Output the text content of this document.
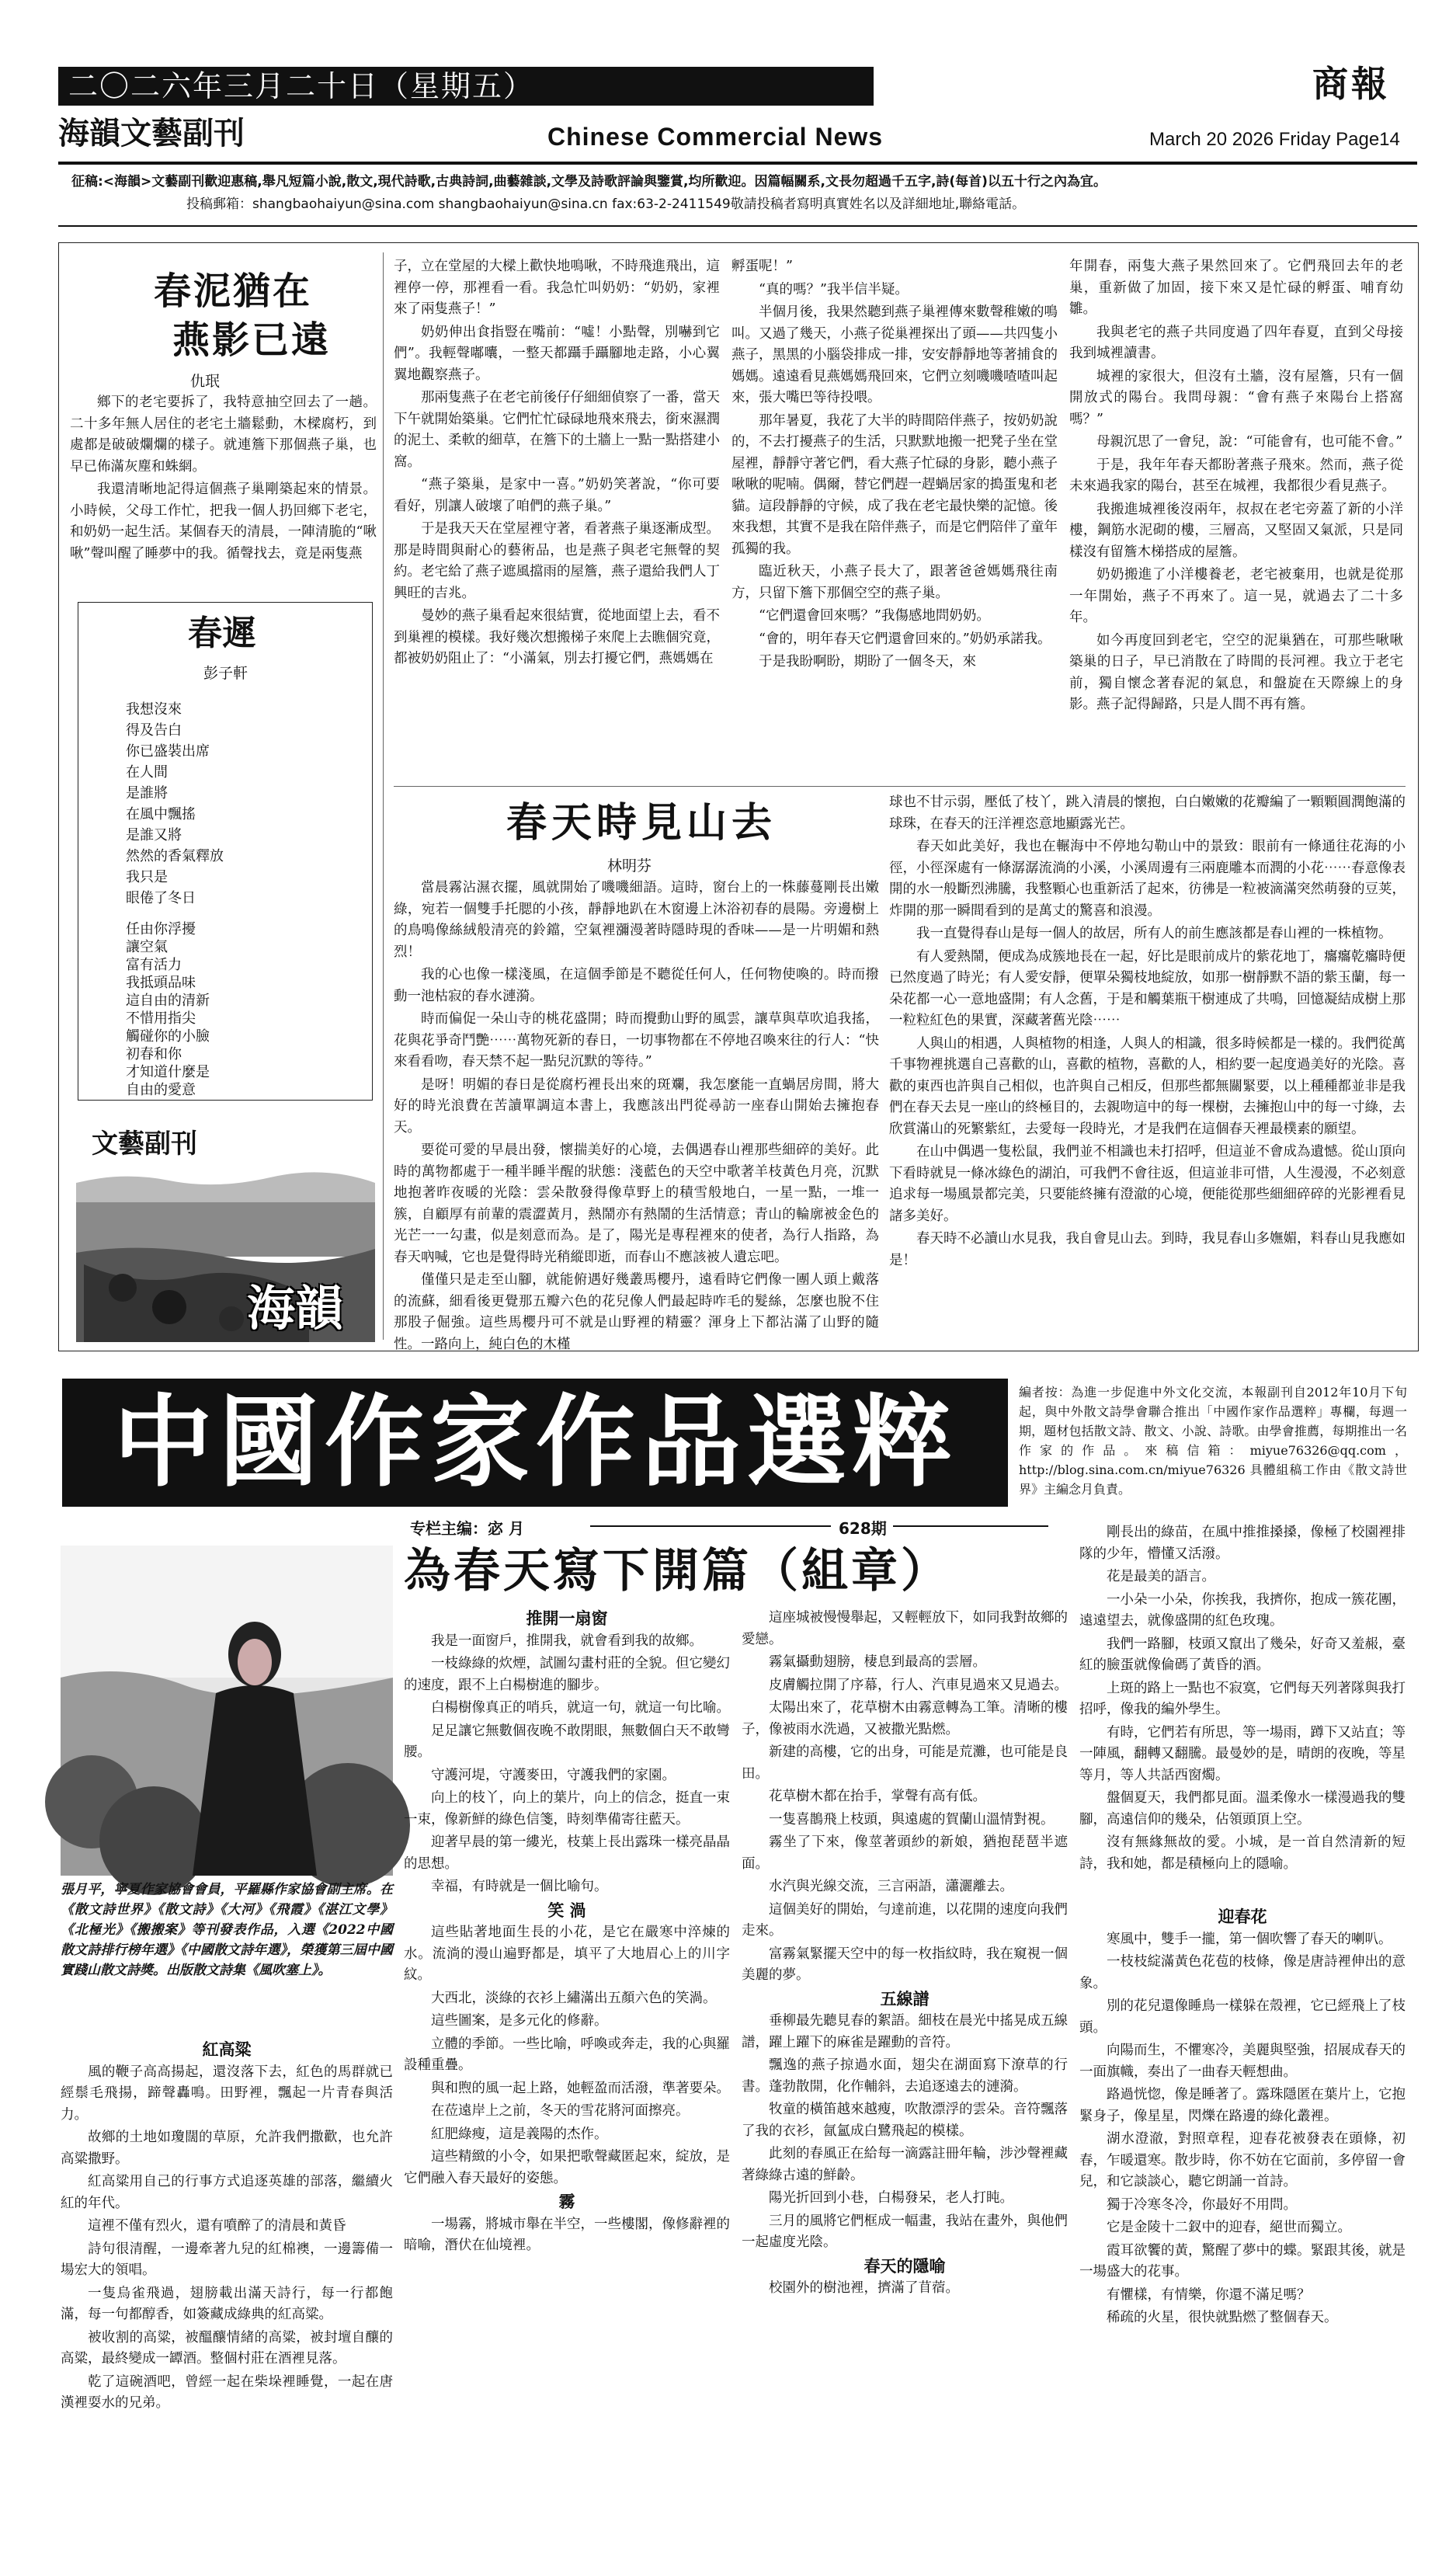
二〇二六年三月二十日（星期五）	商報
海韻文藝副刊	Chinese Commercial News	March 20 2026 Friday Page14
征稿:<海韻>文藝副刊歡迎惠稿,舉凡短篇小說,散文,現代詩歌,古典詩詞,曲藝雜談,文學及詩歌評論與鑒賞,均所歡迎。因篇幅關系,文長勿超過千五字,詩(每首)以五十行之內為宜。
投稿郵箱：shangbaohaiyun@sina.com shangbaohaiyun@sina.cn fax:63-2-2411549敬請投稿者寫明真實姓名以及詳細地址,聯絡電話。
春泥猶在
燕影已遠
仇珉

鄉下的老宅要拆了，我特意抽空回去了一趟。二十多年無人居住的老宅土牆鬆動，木樑腐朽，到處都是破破爛爛的樣子。就連簷下那個燕子巢，也早已佈滿灰塵和蛛網。

我還清晰地記得這個燕子巢剛築起來的情景。小時候，父母工作忙，把我一個人扔回鄉下老宅，和奶奶一起生活。某個春天的清晨，一陣清脆的“啾啾”聲叫醒了睡夢中的我。循聲找去，竟是兩隻燕

春遲
彭子軒
我想沒來
得及告白
你已盛裝出席
在人間
是誰將
在風中飄搖
是誰又將
然然的香氣釋放
我只是
眼倦了冬日
任由你浮擾
讓空氣
富有活力
我抵頭品味
這自由的清新
不惜用指尖
觸碰你的小臉
初春和你
才知道什麼是
自由的愛意
文藝副刊
海韻

子，立在堂屋的大樑上歡快地鳴啾，不時飛進飛出，這裡停一停，那裡看一看。我急忙叫奶奶：“奶奶，家裡來了兩隻燕子！”

奶奶伸出食指豎在嘴前：“噓！小點聲，別嚇到它們”。我輕聲嘟囔，一整天都躡手躡腳地走路，小心翼翼地觀察燕子。

那兩隻燕子在老宅前後仔仔細細偵察了一番，當天下午就開始築巢。它們忙忙碌碌地飛來飛去，銜來濕潤的泥土、柔軟的細草，在簷下的土牆上一點一點搭建小窩。

“燕子築巢，是家中一喜。”奶奶笑著說，“你可要看好，別讓人破壞了咱們的燕子巢。”

于是我天天在堂屋裡守著，看著燕子巢逐漸成型。那是時間與耐心的藝術品，也是燕子與老宅無聲的契約。老宅給了燕子遮風擋雨的屋簷，燕子還給我們人丁興旺的吉兆。

曼妙的燕子巢看起來很結實，從地面望上去，看不到巢裡的模樣。我好幾次想搬梯子來爬上去瞧個究竟，都被奶奶阻止了：“小滿氣，別去打擾它們，燕媽媽在

孵蛋呢！”

“真的嗎？”我半信半疑。

半個月後，我果然聽到燕子巢裡傳來數聲稚嫩的鳴叫。又過了幾天，小燕子從巢裡探出了頭——共四隻小燕子，黑黑的小腦袋排成一排，安安靜靜地等著捕食的媽媽。遠遠看見燕媽媽飛回來，它們立刻嘰嘰喳喳叫起來，張大嘴巴等待投喂。

那年暑夏，我花了大半的時間陪伴燕子，按奶奶說的，不去打擾燕子的生活，只默默地搬一把凳子坐在堂屋裡，靜靜守著它們，看大燕子忙碌的身影，聽小燕子啾啾的呢喃。偶爾，替它們趕一趕蝸居家的搗蛋鬼和老貓。這段靜靜的守候，成了我在老宅最快樂的記憶。後來我想，其實不是我在陪伴燕子，而是它們陪伴了童年孤獨的我。

臨近秋天，小燕子長大了，跟著爸爸媽媽飛往南方，只留下簷下那個空空的燕子巢。

“它們還會回來嗎？”我傷感地問奶奶。

“會的，明年春天它們還會回來的。”奶奶承諾我。

于是我盼啊盼，期盼了一個冬天，來

年開春，兩隻大燕子果然回來了。它們飛回去年的老巢，重新做了加固，接下來又是忙碌的孵蛋、哺育幼雛。

我與老宅的燕子共同度過了四年春夏，直到父母接我到城裡讀書。

城裡的家很大，但沒有土牆，沒有屋簷，只有一個開放式的陽台。我問母親：“會有燕子來陽台上搭窩嗎？”

母親沉思了一會兒，說：“可能會有，也可能不會。”

于是，我年年春天都盼著燕子飛來。然而，燕子從未來過我家的陽台，甚至在城裡，我都很少看見燕子。

我搬進城裡後沒兩年，叔叔在老宅旁蓋了新的小洋樓，鋼筋水泥砌的樓，三層高，又堅固又氣派，只是同樣沒有留簷木梯搭成的屋簷。

奶奶搬進了小洋樓養老，老宅被棄用，也就是從那一年開始，燕子不再來了。這一晃，就過去了二十多年。

如今再度回到老宅，空空的泥巢猶在，可那些啾啾築巢的日子，早已消散在了時間的長河裡。我立于老宅前，獨自懷念著春泥的氣息，和盤旋在天際線上的身影。燕子記得歸路，只是人間不再有簷。

春天時見山去
林明芬

當晨霧沾濕衣擺，風就開始了嘰嘰細語。這時，窗台上的一株藤蔓剛長出嫩綠，宛若一個雙手托腮的小孩，靜靜地趴在木窗邊上沐浴初春的晨陽。旁邊樹上的鳥鳴像絲絨般清亮的鈴鐺，空氣裡瀰漫著時隱時現的香味——是一片明媚和熱烈！

我的心也像一樣淺風，在這個季節是不聽從任何人，任何物使喚的。時而撥動一池枯寂的春水漣漪。

時而偏促一朵山寺的桃花盛開；時而攪動山野的風雲，讓草與草吹追我搖，花與花爭奇鬥艷⋯⋯萬物死新的春日，一切事物都在不停地召喚來往的行人：“快來看看吻，春天禁不起一點兒沉默的等待。”

是呀！明媚的春日是從腐朽裡長出來的斑斕，我怎麼能一直蝸居房間，將大好的時光浪費在苦讀單調這本書上，我應該出門從尋訪一座春山開始去擁抱春天。

要從可愛的早晨出發，懷揣美好的心境，去偶遇春山裡那些細碎的美好。此時的萬物都處于一種半睡半醒的狀態：淺藍色的天空中歌著羊枝黃色月亮，沉默地抱著昨夜暖的光陰：雲朵散發得像草野上的積雪般地白，一星一點，一堆一簇，自顧厚有前輩的震澀黃月，熱鬧亦有熱鬧的生活情意；青山的輪廓被金色的光芒一一勾畫，似是刻意而為。是了，陽光是專程裡來的使者，為行人指路，為春天吶喊，它也是覺得時光稍縱即逝，而春山不應該被人遺忘吧。

僅僅只是走至山腳，就能俯遇好幾叢馬櫻丹，遠看時它們像一團人頭上戴落的流蘇，細看後更覺那五瓣六色的花兒像人們最起時咋毛的髮絲，怎麼也脫不住那股子倔強。這些馬櫻丹可不就是山野裡的精靈？渾身上下都沾滿了山野的隨性。一路向上，純白色的木槿

球也不甘示弱，壓低了枝丫，跳入清晨的懷抱，白白嫩嫩的花瓣編了一顆顆圓潤飽滿的球珠，在春天的汪洋裡恣意地顯露光芒。

春天如此美好，我也在輾海中不停地勾勒山中的景致：眼前有一條通往花海的小徑，小徑深處有一條潺潺流淌的小溪，小溪周邊有三兩鹿雕本而潤的小花⋯⋯春意像表開的水一般斷烈沸騰，我整顆心也重新活了起來，彷彿是一粒被滴滿突然萌發的豆荚，炸開的那一瞬間看到的是萬丈的驚喜和浪漫。

我一直覺得春山是每一個人的故居，所有人的前生應該都是春山裡的一株植物。

有人愛熱鬧，便成為成簇地長在一起，好比是眼前成片的紫花地丁，癟癟乾癟時便已然度過了時光；有人愛安靜，便單朵獨枝地綻放，如那一樹靜默不語的紫玉蘭，每一朵花都一心一意地盛開；有人念舊，于是和觸葉瓶干樹連成了共鳴，回憶凝結成樹上那一粒粒紅色的果實，深藏著舊光陰⋯⋯

人與山的相遇，人與植物的相逢，人與人的相識，很多時候都是一樣的。我們從萬千事物裡挑選自己喜歡的山，喜歡的植物，喜歡的人，相約要一起度過美好的光陰。喜歡的東西也許與自己相似，也許與自己相反，但那些都無關緊要，以上種種都並非是我們在春天去見一座山的終極目的，去親吻這中的每一棵樹，去擁抱山中的每一寸綠，去欣賞滿山的死繁紫紅，去愛每一段時光，才是我們在這個春天裡最樸素的願望。

在山中偶遇一隻松鼠，我們並不相識也未打招呼，但這並不會成為遺憾。從山頂向下看時就見一條冰綠色的湖泊，可我們不會往返，但這並非可惜，人生漫漫，不必刻意追求每一場風景都完美，只要能終擁有澄澈的心境，便能從那些細細碎碎的光影裡看見諸多美好。

春天時不必讀山水見我，我自會見山去。到時，我見春山多嫵媚，料春山見我應如是！

中國作家作品選粹	編者按：為進一步促進中外文化交流，本報副刊自2012年10月下旬起，與中外散文詩學會聯合推出「中國作家作品選粹」專欄，每週一期，題材包括散文詩、散文、小說、詩歌。由學會推薦，每期推出一名作家的作品。來稿信箱：miyue76326@qq.com，http://blog.sina.com.cn/miyue76326 具體組稿工作由《散文詩世界》主編念月負責。
专栏主编：宓 月	628期
為春天寫下開篇（組章）
張月平，寧夏作家協會會員，平羅縣作家協會副主席。在《散文詩世界》《散文詩》《大河》《飛霞》《湛江文學》《北極光》《搬搬案》等刊發表作品，入選《2022中國散文詩排行榜年選》《中國散文詩年選》，榮獲第三屆中國實踐山散文詩獎。出版散文詩集《風吹塞上》。

紅高粱

風的鞭子高高揚起，還沒落下去，紅色的馬群就已經鬃毛飛揚，蹄聲轟鳴。田野裡，飄起一片青春與活力。

故鄉的土地如瓊闊的草原，允許我們撒歡，也允許高粱撒野。

紅高粱用自己的行事方式追逐英雄的部落，繼續火紅的年代。

這裡不僅有烈火，還有噴醉了的清晨和黃昏

詩句很清醒，一邊牽著九兒的紅棉襖，一邊籌備一場宏大的領唱。

一隻烏雀飛過，翅膀載出滿天詩行，每一行都飽滿，每一句都醇香，如簽藏成綠典的紅高粱。

被收割的高粱，被醞釀情緒的高粱，被封壇自釀的高粱，最終變成一罈酒。整個村莊在酒裡見落。

乾了這碗酒吧，曾經一起在柴垛裡睡覺，一起在唐漢裡耍水的兄弟。

推開一扇窗

我是一面窗戶，推開我，就會看到我的故鄉。

一枝綠綠的炊煙，試圖勾畫村莊的全貌。但它變幻的速度，跟不上白楊樹進的腳步。

白楊樹像真正的哨兵，就這一句，就這一句比喻。

足足讓它無數個夜晚不敢閉眼，無數個白天不敢彎腰。

守護河堤，守護麥田，守護我們的家園。

向上的枝丫，向上的葉片，向上的信念，挺直一束一束，像新鮮的綠色信箋，時刻準備寄往藍天。

迎著早晨的第一縷光，枝葉上長出露珠一樣亮晶晶的思想。

幸福，有時就是一個比喻句。

笑 渦

這些貼著地面生長的小花，是它在嚴寒中淬煉的水。流淌的漫山遍野都是，填平了大地眉心上的川字紋。

大西北，淡綠的衣衫上繡滿出五顏六色的笑渦。

這些圖案，是多元化的修辭。

立體的季節。一些比喻，呼喚或奔走，我的心與羅設種重疊。

與和煦的風一起上路，她輕盈而活潑，準著要朵。

在莅遠岸上之前，冬天的雪花將河面擦亮。

紅肥綠瘦，這是義陽的杰作。

這些精緻的小令，如果把歌聲藏匿起來，綻放，是它們融入春天最好的姿態。

霧

一場霧，將城市舉在半空，一些樓閣，像修辭裡的暗喻，潛伏在仙境裡。

這座城被慢慢舉起，又輕輕放下，如同我對故鄉的愛戀。

霧氣攝動翅膀，棲息到最高的雲層。

皮膚觸拉開了序幕，行人、汽車見過來又見過去。

太陽出來了，花草樹木由霧意轉為工筆。清晰的樓子，像被雨水洗過，又被撒光點燃。

新建的高樓，它的出身，可能是荒灘，也可能是良田。

花草樹木都在抬手，掌聲有高有低。

一隻喜鵲飛上枝頭，與遠處的賀蘭山溫情對視。

霧坐了下來，像莖著頭紗的新娘，猶抱琵琶半遮面。

水汽與光線交流，三言兩語，瀟灑離去。

這個美好的開始，勻達前進，以花開的速度向我們走來。

富霧氣緊擺天空中的每一枚指紋時，我在窺視一個美麗的夢。

五線譜

垂柳最先聽見春的絮語。細枝在晨光中搖晃成五線譜，躍上躍下的麻雀是躍動的音符。

飄逸的燕子掠過水面，翅尖在湖面寫下潦草的行書。蓬勃散開，化作輔斜，去追逐遠去的漣漪。

牧童的橫笛越來越瘦，吹散漂浮的雲朵。音符飄落了我的衣衫，氤氳成白鷺飛起的模樣。

此刻的春風正在給每一滴露註冊年輪，涉沙聲裡藏著綠綠古遠的鮮齡。

陽光折回到小巷，白楊發呆，老人打盹。

三月的風將它們框成一幅畫，我站在畫外，與他們一起虛度光陰。

春天的隱喻

校園外的樹池裡，擠滿了苜蓿。

剛長出的綠苗，在風中推推搡搡，像極了校園裡排隊的少年，懵懂又活潑。

花是最美的語言。

一小朵一小朵，你挨我，我擠你，抱成一簇花團，遠遠望去，就像盛開的紅色玫瑰。

我們一路腳，枝頭又竄出了幾朵，好奇又羞赧，臺紅的臉蛋就像倫碼了黃昏的酒。

上斑的路上一點也不寂寞，它們每天列著隊與我打招呼，像我的編外學生。

有時，它們若有所思，等一場雨，蹲下又站直；等一陣風，翻轉又翻騰。最曼妙的是，晴朗的夜晚，等星等月，等人共話西窗燭。

盤個夏天，我們都見面。溫柔像水一樣漫過我的雙腳，高遠信仰的幾朵，佔領頭頂上空。

沒有無緣無故的愛。小城，是一首自然清新的短詩，我和她，都是積極向上的隱喻。

迎春花

寒風中，雙手一攏，第一個吹響了春天的喇叭。

一枝枝綻滿黃色花苞的枝條，像是唐詩裡伸出的意象。

別的花兒還像睡鳥一樣躲在殼裡，它已經飛上了枝頭。

向陽而生，不懼寒冷，美麗與堅強，招展成春天的一面旗幟，奏出了一曲春天輕想曲。

路過恍惚，像是睡著了。露珠隱匿在葉片上，它抱緊身子，像星星，閃爍在路邊的綠化叢裡。

湖水澄澈，對照章程，迎春花被發表在頭條，初春，乍暖還寒。散步時，你不妨在它面前，多停留一會兒，和它談談心，聽它朗誦一首詩。

獨于冷寒冬冷，你最好不用問。

它是金陵十二釵中的迎春，絕世而獨立。

霞耳欲饗的黃，驚醒了夢中的蝶。緊跟其後，就是一場盛大的花事。

有懼樣，有情樂，你還不滿足嗎？

稀疏的火星，很快就點燃了整個春天。
